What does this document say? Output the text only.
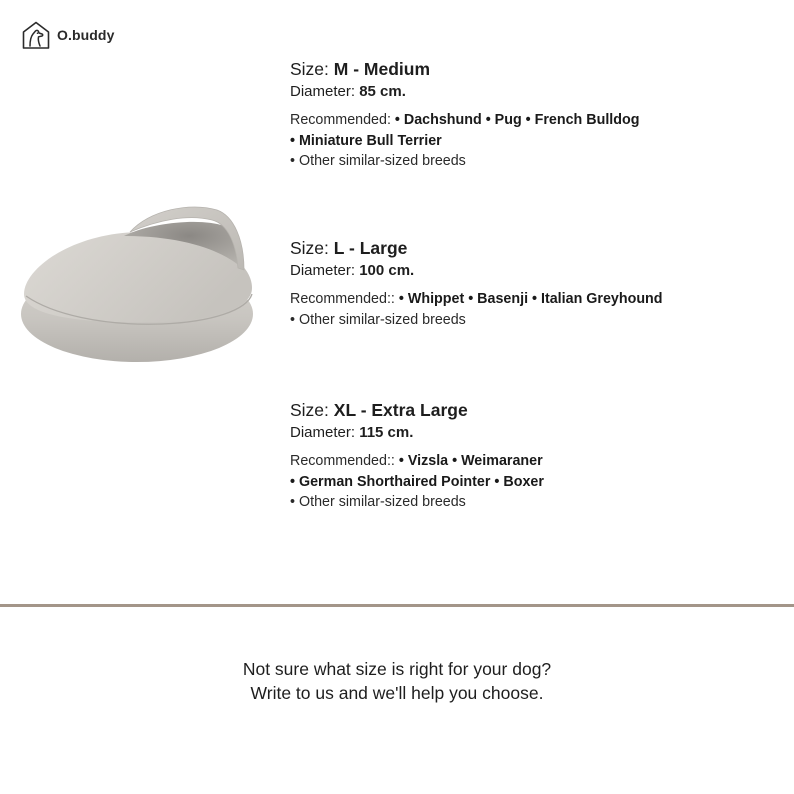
O.buddy
Size: M - Medium
Diameter: 85 cm.
Recommended: • Dachshund • Pug • French Bulldog
• Miniature Bull Terrier
• Other similar-sized breeds
Size: L - Large
Diameter: 100 cm.
Recommended:: • Whippet • Basenji • Italian Greyhound
• Other similar-sized breeds
Size: XL - Extra Large
Diameter: 115 cm.
Recommended:: • Vizsla • Weimaraner
• German Shorthaired Pointer • Boxer
• Other similar-sized breeds
Not sure what size is right for your dog?
Write to us and we'll help you choose.
